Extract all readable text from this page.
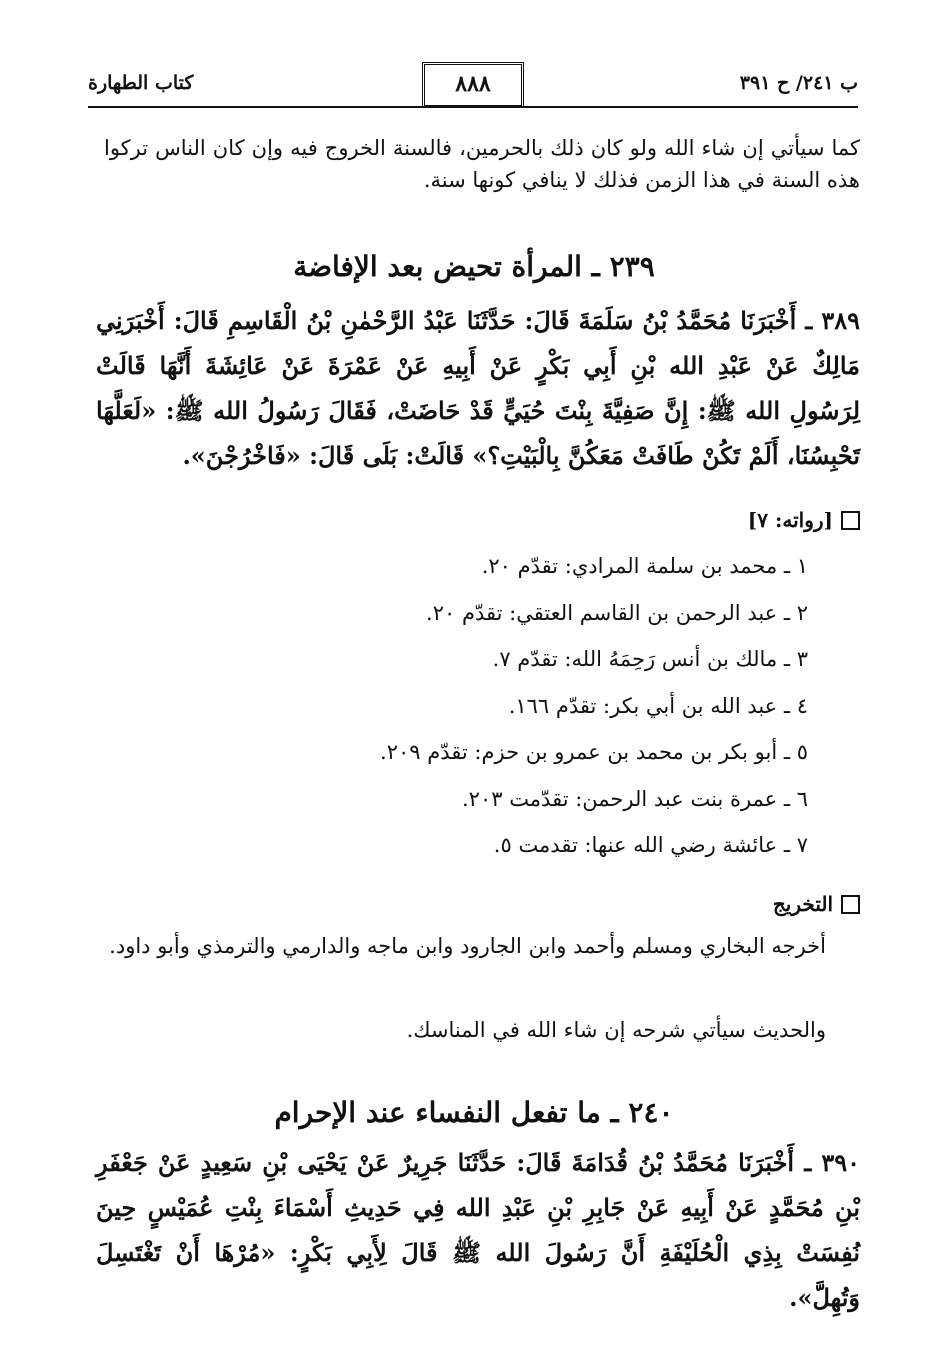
ب ٢٤١/ ح ٣٩١
٨٨٨
كتاب الطهارة
كما سيأتي إن شاء الله ولو كان ذلك بالحرمين، فالسنة الخروج فيه وإن كان الناس تركوا هذه السنة في هذا الزمن فذلك لا ينافي كونها سنة.
٢٣٩ ـ المرأة تحيض بعد الإفاضة
٣٨٩ ـ أَخْبَرَنَا مُحَمَّدُ بْنُ سَلَمَةَ قَالَ: حَدَّثَنَا عَبْدُ الرَّحْمٰنِ بْنُ الْقَاسِمِ قَالَ: أَخْبَرَنِي مَالِكٌ عَنْ عَبْدِ الله بْنِ أَبِي بَكْرٍ عَنْ أَبِيهِ عَنْ عَمْرَةَ عَنْ عَائِشَةَ أَنَّهَا قَالَتْ لِرَسُولِ الله ﷺ: إِنَّ صَفِيَّةَ بِنْتَ حُيَيٍّ قَدْ حَاضَتْ، فَقَالَ رَسُولُ الله ﷺ: «لَعَلَّهَا تَحْبِسُنَا، أَلَمْ تَكُنْ طَافَتْ مَعَكُنَّ بِالْبَيْتِ؟» قَالَتْ: بَلَى قَالَ: «فَاخْرُجْنَ».
[رواته: ٧]
١ ـ محمد بن سلمة المرادي: تقدّم ٢٠.
٢ ـ عبد الرحمن بن القاسم العتقي: تقدّم ٢٠.
٣ ـ مالك بن أنس رَحِمَهُ الله: تقدّم ٧.
٤ ـ عبد الله بن أبي بكر: تقدّم ١٦٦.
٥ ـ أبو بكر بن محمد بن عمرو بن حزم: تقدّم ٢٠٩.
٦ ـ عمرة بنت عبد الرحمن: تقدّمت ٢٠٣.
٧ ـ عائشة رضي الله عنها: تقدمت ٥.
التخريج
أخرجه البخاري ومسلم وأحمد وابن الجارود وابن ماجه والدارمي والترمذي وأبو داود.
والحديث سيأتي شرحه إن شاء الله في المناسك.
٢٤٠ ـ ما تفعل النفساء عند الإحرام
٣٩٠ ـ أَخْبَرَنَا مُحَمَّدُ بْنُ قُدَامَةَ قَالَ: حَدَّثَنَا جَرِيرٌ عَنْ يَحْيَى بْنِ سَعِيدٍ عَنْ جَعْفَرِ بْنِ مُحَمَّدٍ عَنْ أَبِيهِ عَنْ جَابِرِ بْنِ عَبْدِ الله فِي حَدِيثِ أَسْمَاءَ بِنْتِ عُمَيْسٍ حِينَ نُفِسَتْ بِذِي الْحُلَيْفَةِ أَنَّ رَسُولَ الله ﷺ قَالَ لِأَبِي بَكْرٍ: «مُرْهَا أَنْ تَغْتَسِلَ وَتُهِلَّ».
